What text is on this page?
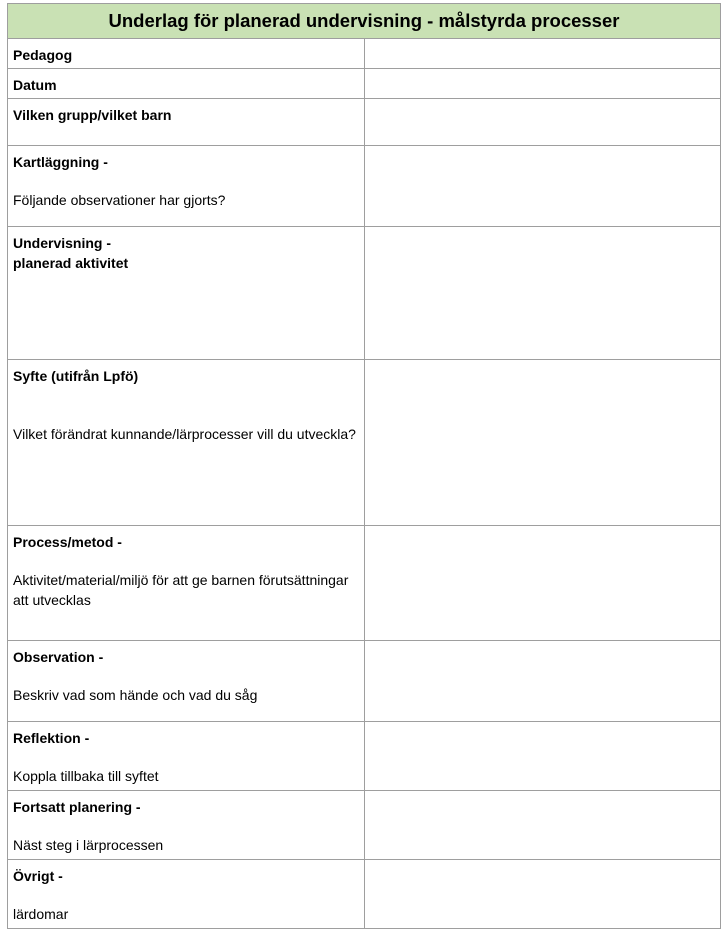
Underlag för planerad undervisning - målstyrda processer	

Pedagog	

Datum	

Vilken grupp/vilket barn	

Kartläggning -
Följande observationer har gjorts?	

Undervisning -
planerad aktivitet	

Syfte (utifrån Lpfö)
Vilket förändrat kunnande/lärprocesser vill du utveckla?	

Process/metod -
Aktivitet/material/miljö för att ge barnen förutsättningar att utvecklas	

Observation -
Beskriv vad som hände och vad du såg	

Reflektion -
Koppla tillbaka till syftet	

Fortsatt planering -
Näst steg i lärprocessen	

Övrigt -
lärdomar	
